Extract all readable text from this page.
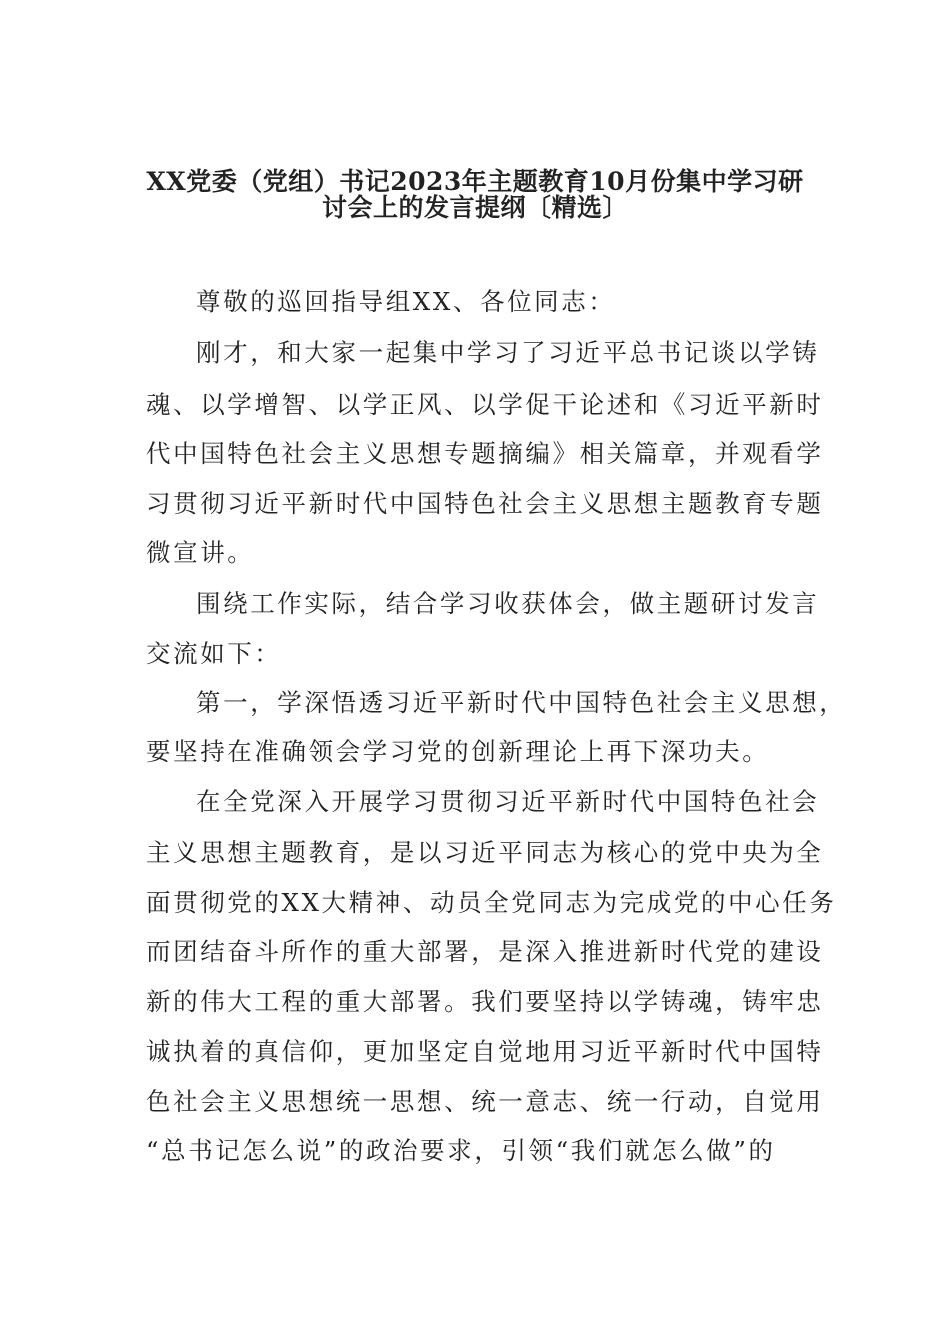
XX党委（党组）书记2023年主题教育10月份集中学习研
讨会上的发言提纲〔精选〕
尊敬的巡回指导组XX、各位同志：
刚才，和大家一起集中学习了习近平总书记谈以学铸
魂、以学增智、以学正风、以学促干论述和《习近平新时
代中国特色社会主义思想专题摘编》相关篇章，并观看学
习贯彻习近平新时代中国特色社会主义思想主题教育专题
微宣讲。
围绕工作实际，结合学习收获体会，做主题研讨发言
交流如下：
第一，学深悟透习近平新时代中国特色社会主义思想，
要坚持在准确领会学习党的创新理论上再下深功夫。
在全党深入开展学习贯彻习近平新时代中国特色社会
主义思想主题教育，是以习近平同志为核心的党中央为全
面贯彻党的XX大精神、动员全党同志为完成党的中心任务
而团结奋斗所作的重大部署，是深入推进新时代党的建设
新的伟大工程的重大部署。我们要坚持以学铸魂，铸牢忠
诚执着的真信仰，更加坚定自觉地用习近平新时代中国特
色社会主义思想统一思想、统一意志、统一行动，自觉用
“总书记怎么说”的政治要求，引领“我们就怎么做”的
